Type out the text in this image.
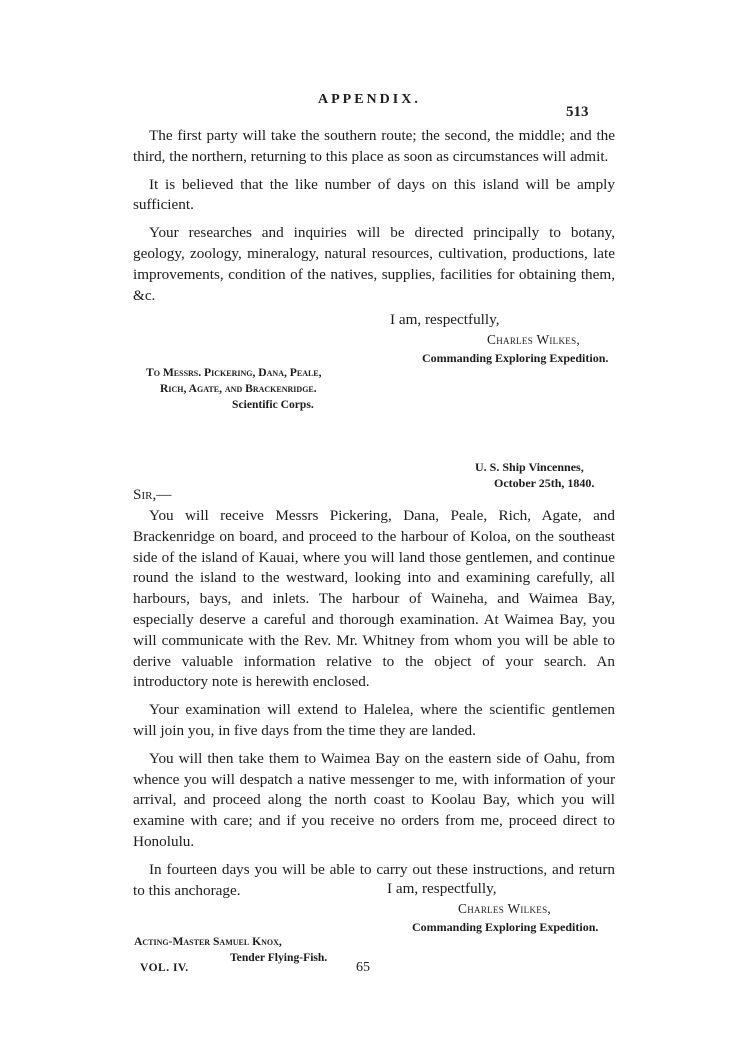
APPENDIX.
513

The first party will take the southern route; the second, the middle; and the third, the northern, returning to this place as soon as circumstances will admit.

It is believed that the like number of days on this island will be amply sufficient.

Your researches and inquiries will be directed principally to botany, geology, zoology, mineralogy, natural resources, cultivation, productions, late improvements, condition of the natives, supplies, facilities for obtaining them, &c.

I am, respectfully,
Charles Wilkes,
Commanding Exploring Expedition.
To Messrs. Pickering, Dana, Peale,
Rich, Agate, and Brackenridge.
Scientific Corps.
U. S. Ship Vincennes,
October 25th, 1840.
Sir,—

You will receive Messrs Pickering, Dana, Peale, Rich, Agate, and Brackenridge on board, and proceed to the harbour of Koloa, on the southeast side of the island of Kauai, where you will land those gentlemen, and continue round the island to the westward, looking into and examining carefully, all harbours, bays, and inlets. The harbour of Waineha, and Waimea Bay, especially deserve a careful and thorough examination. At Waimea Bay, you will communicate with the Rev. Mr. Whitney from whom you will be able to derive valuable information relative to the object of your search. An introductory note is herewith enclosed.

Your examination will extend to Halelea, where the scientific gentlemen will join you, in five days from the time they are landed.

You will then take them to Waimea Bay on the eastern side of Oahu, from whence you will despatch a native messenger to me, with information of your arrival, and proceed along the north coast to Koolau Bay, which you will examine with care; and if you receive no orders from me, proceed direct to Honolulu.

In fourteen days you will be able to carry out these instructions, and return to this anchorage.	I am, respectfully,
Charles Wilkes,
Commanding Exploring Expedition.
Acting-Master Samuel Knox,
Tender Flying-Fish.
VOL. IV.	65
